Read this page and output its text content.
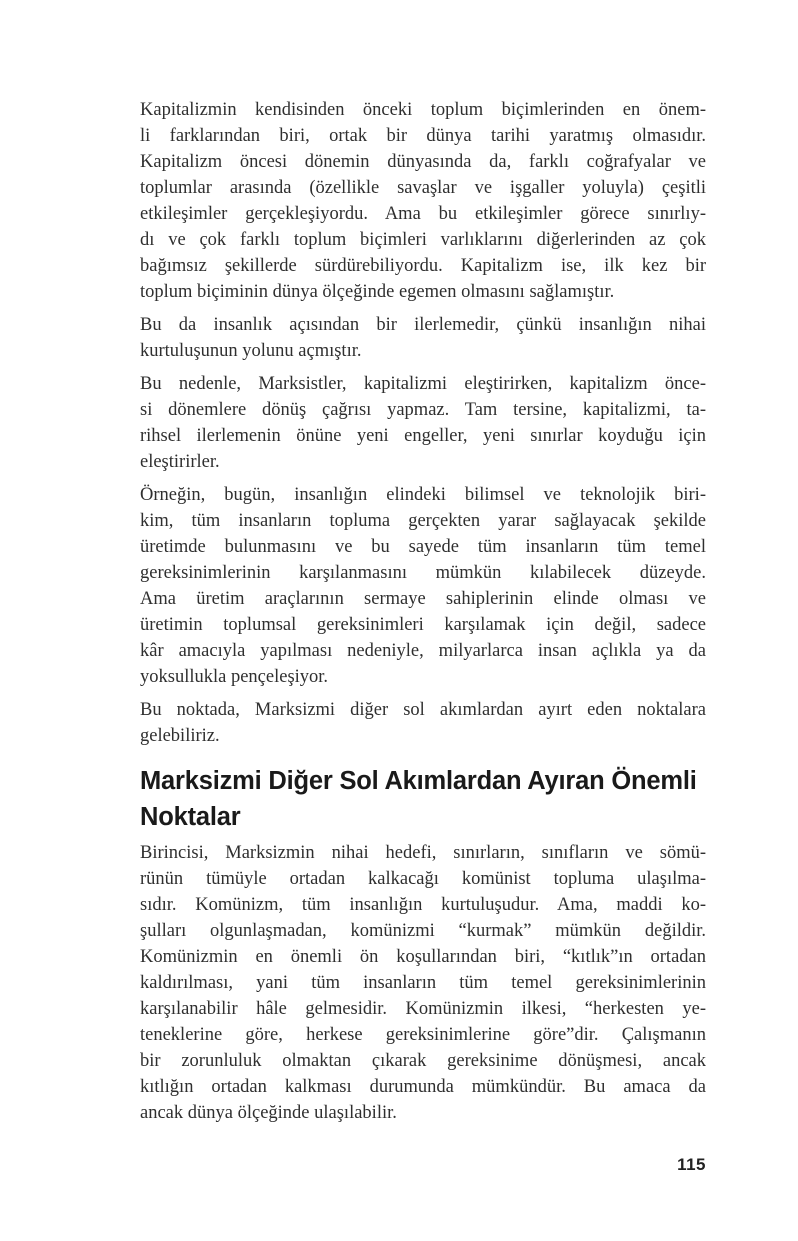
Kapitalizmin kendisinden önceki toplum biçimlerinden en önem-
li farklarından biri, ortak bir dünya tarihi yaratmış olmasıdır.
Kapitalizm öncesi dönemin dünyasında da, farklı coğrafyalar ve
toplumlar arasında (özellikle savaşlar ve işgaller yoluyla) çeşitli
etkileşimler gerçekleşiyordu. Ama bu etkileşimler görece sınırlıy-
dı ve çok farklı toplum biçimleri varlıklarını diğerlerinden az çok
bağımsız şekillerde sürdürebiliyordu. Kapitalizm ise, ilk kez bir
toplum biçiminin dünya ölçeğinde egemen olmasını sağlamıştır.
Bu da insanlık açısından bir ilerlemedir, çünkü insanlığın nihai
kurtuluşunun yolunu açmıştır.
Bu nedenle, Marksistler, kapitalizmi eleştirirken, kapitalizm önce-
si dönemlere dönüş çağrısı yapmaz. Tam tersine, kapitalizmi, ta-
rihsel ilerlemenin önüne yeni engeller, yeni sınırlar koyduğu için
eleştirirler.
Örneğin, bugün, insanlığın elindeki bilimsel ve teknolojik biri-
kim, tüm insanların topluma gerçekten yarar sağlayacak şekilde
üretimde bulunmasını ve bu sayede tüm insanların tüm temel
gereksinimlerinin karşılanmasını mümkün kılabilecek düzeyde.
Ama üretim araçlarının sermaye sahiplerinin elinde olması ve
üretimin toplumsal gereksinimleri karşılamak için değil, sadece
kâr amacıyla yapılması nedeniyle, milyarlarca insan açlıkla ya da
yoksullukla pençeleşiyor.
Bu noktada, Marksizmi diğer sol akımlardan ayırt eden noktalara
gelebiliriz.
Marksizmi Diğer Sol Akımlardan Ayıran Önemli
Noktalar
Birincisi, Marksizmin nihai hedefi, sınırların, sınıfların ve sömü-
rünün tümüyle ortadan kalkacağı komünist topluma ulaşılma-
sıdır. Komünizm, tüm insanlığın kurtuluşudur. Ama, maddi ko-
şulları olgunlaşmadan, komünizmi “kurmak” mümkün değildir.
Komünizmin en önemli ön koşullarından biri, “kıtlık”ın ortadan
kaldırılması, yani tüm insanların tüm temel gereksinimlerinin
karşılanabilir hâle gelmesidir. Komünizmin ilkesi, “herkesten ye-
teneklerine göre, herkese gereksinimlerine göre”dir. Çalışmanın
bir zorunluluk olmaktan çıkarak gereksinime dönüşmesi, ancak
kıtlığın ortadan kalkması durumunda mümkündür. Bu amaca da
ancak dünya ölçeğinde ulaşılabilir.
115
